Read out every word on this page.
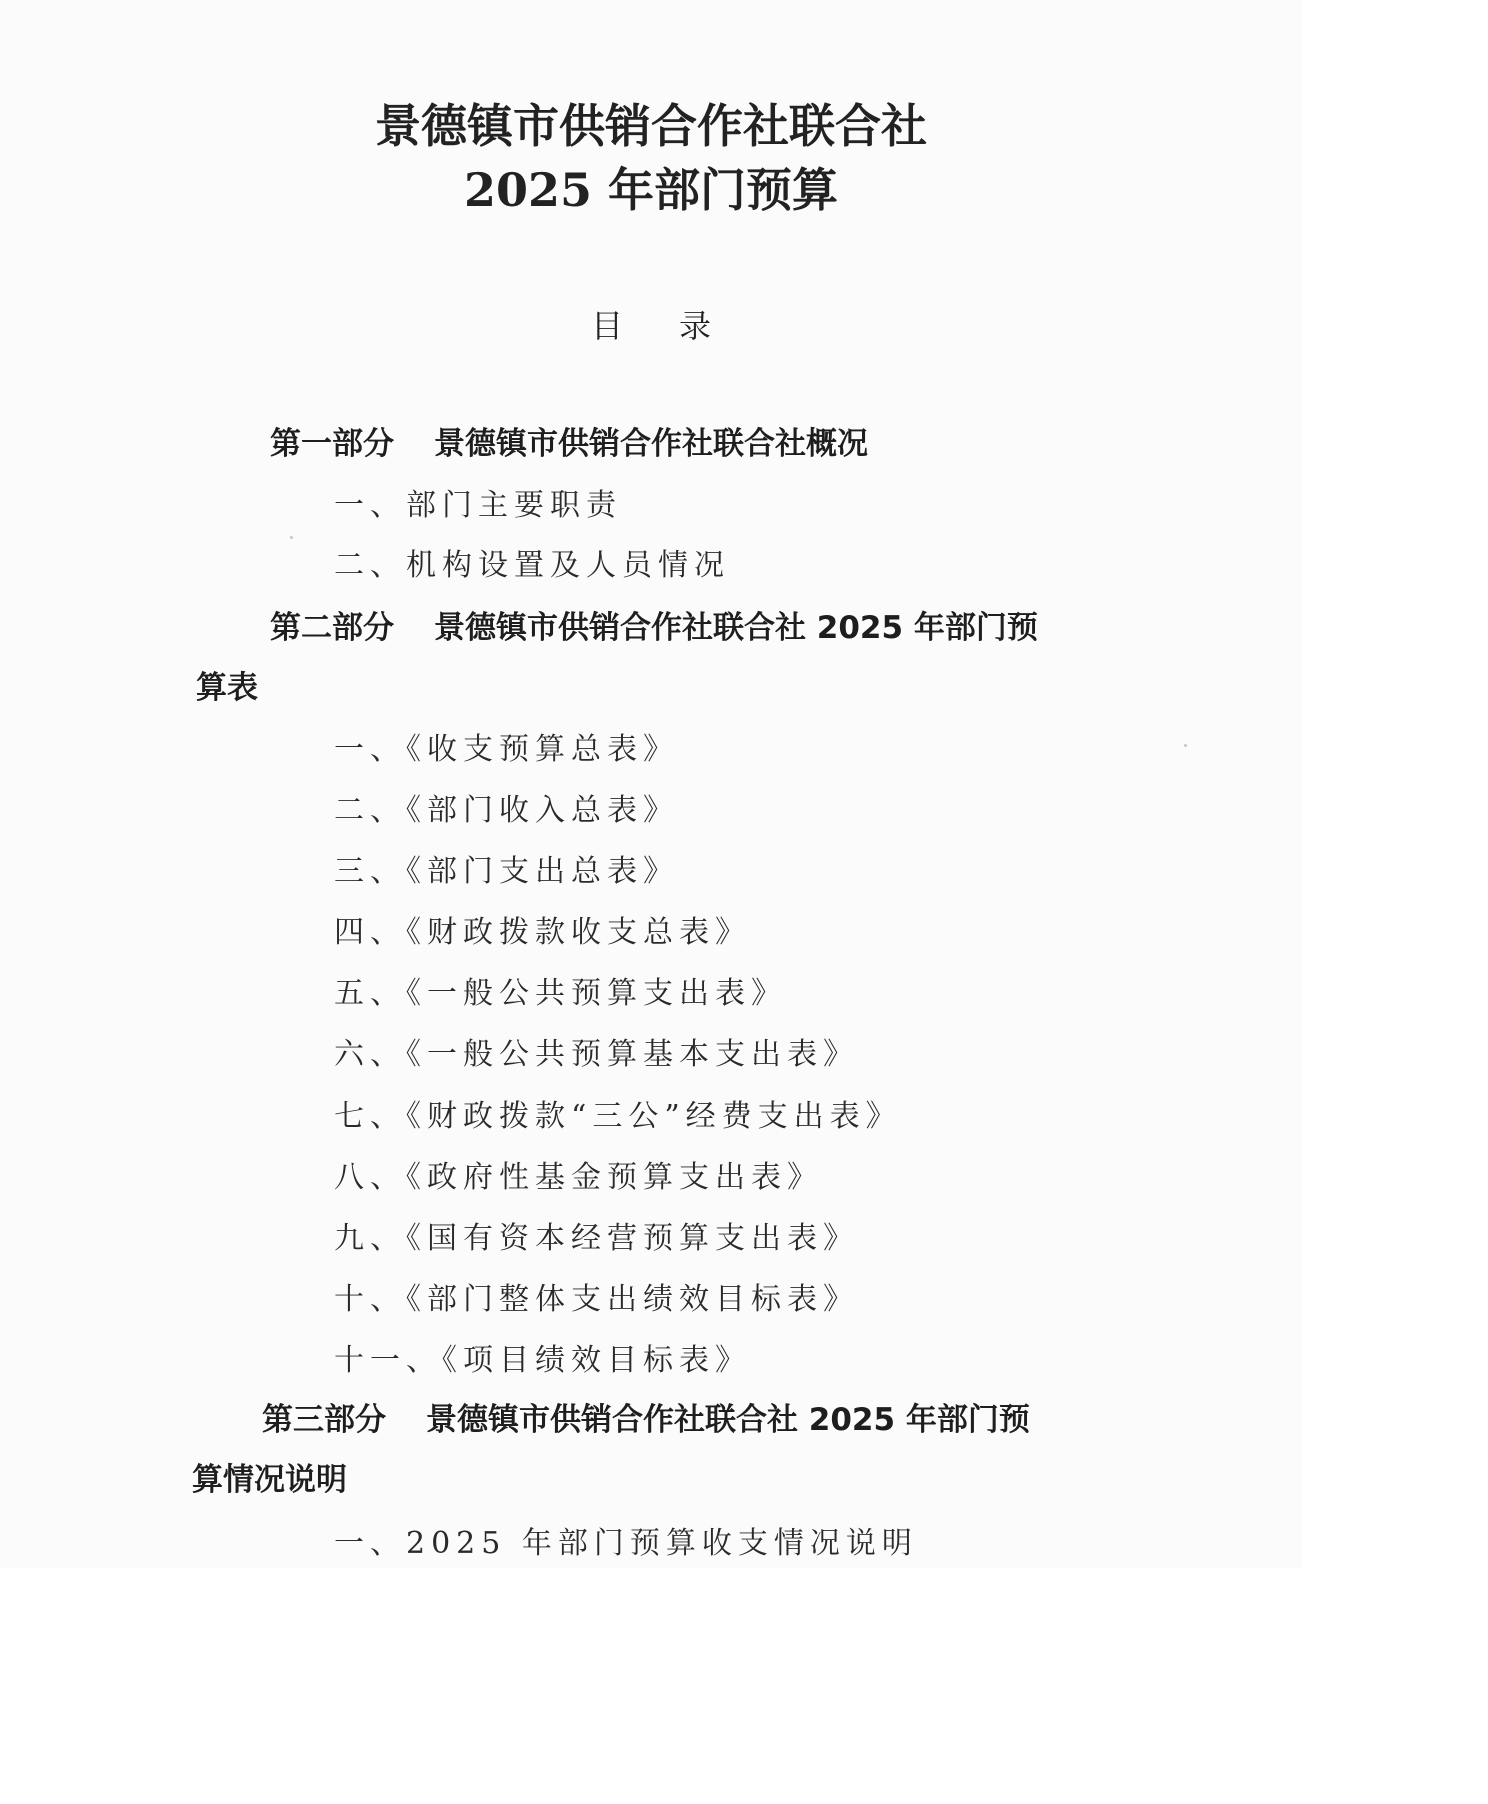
景德镇市供销合作社联合社
2025 年部门预算
目录
第一部分 景德镇市供销合作社联合社概况
一、部门主要职责
二、机构设置及人员情况
第二部分 景德镇市供销合作社联合社 2025 年部门预
算表
一、《收支预算总表》
二、《部门收入总表》
三、《部门支出总表》
四、《财政拨款收支总表》
五、《一般公共预算支出表》
六、《一般公共预算基本支出表》
七、《财政拨款“三公”经费支出表》
八、《政府性基金预算支出表》
九、《国有资本经营预算支出表》
十、《部门整体支出绩效目标表》
十一、《项目绩效目标表》
第三部分 景德镇市供销合作社联合社 2025 年部门预
算情况说明
一、2025 年部门预算收支情况说明
